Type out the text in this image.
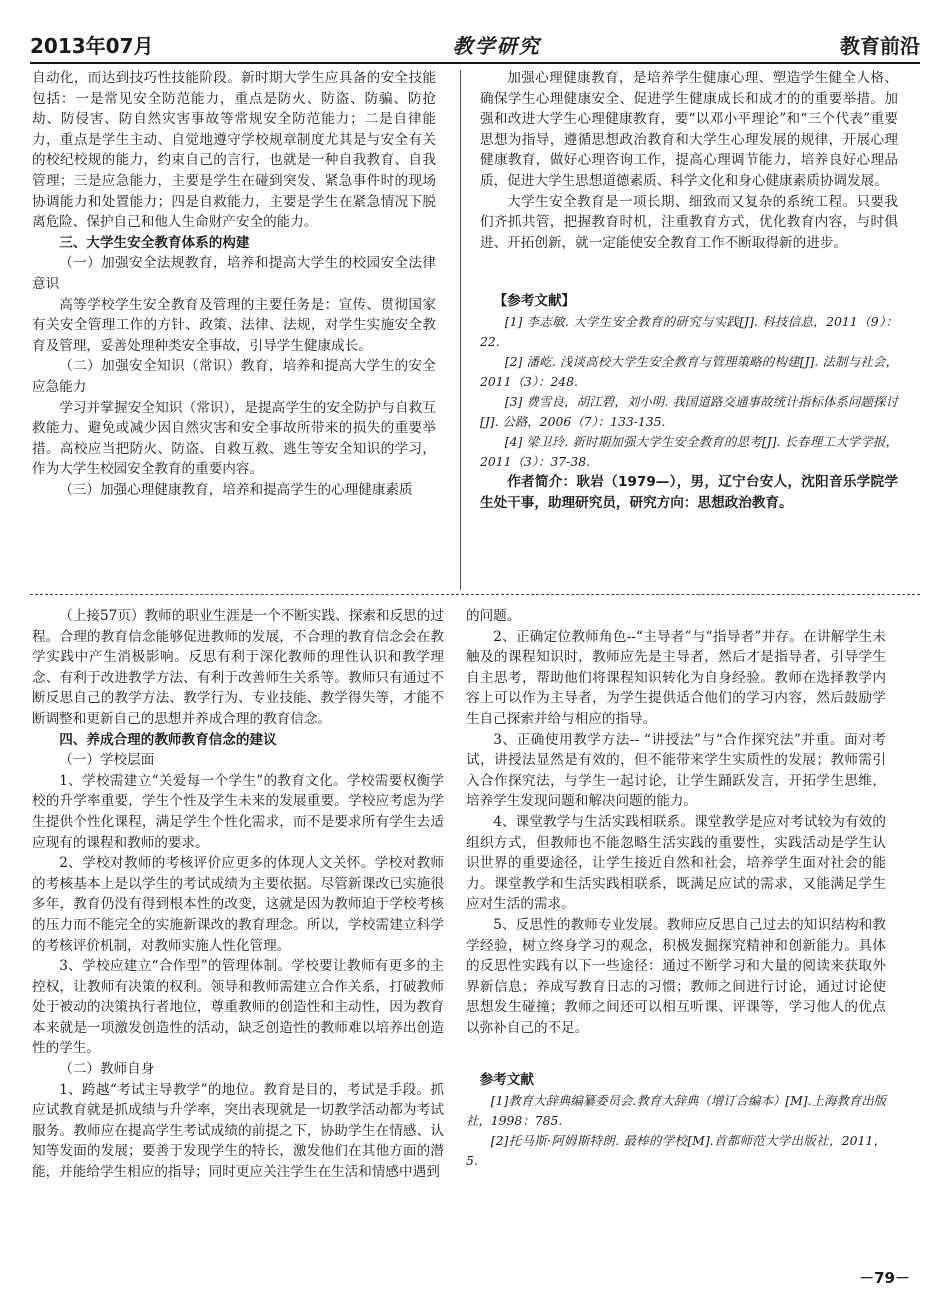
2013年07月	教学研究	教育前沿

自动化，而达到技巧性技能阶段。新时期大学生应具备的安全技能包括：一是常见安全防范能力，重点是防火、防盗、防骗、防抢劫、防侵害、防自然灾害事故等常规安全防范能力；二是自律能力，重点是学生主动、自觉地遵守学校规章制度尤其是与安全有关的校纪校规的能力，约束自己的言行，也就是一种自我教育、自我管理；三是应急能力，主要是学生在碰到突发、紧急事件时的现场协调能力和处置能力；四是自救能力，主要是学生在紧急情况下脱离危险、保护自己和他人生命财产安全的能力。

三、大学生安全教育体系的构建

（一）加强安全法规教育，培养和提高大学生的校园安全法律意识

高等学校学生安全教育及管理的主要任务是：宣传、贯彻国家有关安全管理工作的方针、政策、法律、法规，对学生实施安全教育及管理，妥善处理种类安全事故，引导学生健康成长。

（二）加强安全知识（常识）教育，培养和提高大学生的安全应急能力

学习并掌握安全知识（常识），是提高学生的安全防护与自救互救能力、避免或减少因自然灾害和安全事故所带来的损失的重要举措。高校应当把防火、防盗、自救互救、逃生等安全知识的学习，作为大学生校园安全教育的重要内容。

（三）加强心理健康教育，培养和提高学生的心理健康素质

加强心理健康教育，是培养学生健康心理、塑造学生健全人格、确保学生心理健康安全、促进学生健康成长和成才的的重要举措。加强和改进大学生心理健康教育，要“以邓小平理论”和“三个代表”重要思想为指导，遵循思想政治教育和大学生心理发展的规律，开展心理健康教育，做好心理咨询工作，提高心理调节能力，培养良好心理品质，促进大学生思想道德素质、科学文化和身心健康素质协调发展。

大学生安全教育是一项长期、细致而又复杂的系统工程。只要我们齐抓共管，把握教育时机，注重教育方式，优化教育内容，与时俱进、开拓创新，就一定能使安全教育工作不断取得新的进步。

【参考文献】

[1] 李志敏. 大学生安全教育的研究与实践[J]. 科技信息，2011（9）：22.

[2] 潘屹. 浅谈高校大学生安全教育与管理策略的构建[J]. 法制与社会，2011（3）：248.

[3] 费雪良，胡江碧，刘小明. 我国道路交通事故统计指标体系问题探讨[J]. 公路，2006（7）：133-135.

[4] 梁卫玲. 新时期加强大学生安全教育的思考[J]. 长春理工大学学报，2011（3）：37-38.

作者简介：耿岩（1979—），男，辽宁台安人，沈阳音乐学院学生处干事，助理研究员，研究方向：思想政治教育。

（上接57页）教师的职业生涯是一个不断实践、探索和反思的过程。合理的教育信念能够促进教师的发展，不合理的教育信念会在教学实践中产生消极影响。反思有利于深化教师的理性认识和教学理念、有利于改进教学方法、有利于改善师生关系等。教师只有通过不断反思自己的教学方法、教学行为、专业技能、教学得失等，才能不断调整和更新自己的思想并养成合理的教育信念。

四、养成合理的教师教育信念的建议

（一）学校层面

1、学校需建立“关爱每一个学生”的教育文化。学校需要权衡学校的升学率重要，学生个性及学生未来的发展重要。学校应考虑为学生提供个性化课程，满足学生个性化需求，而不是要求所有学生去适应现有的课程和教师的要求。

2、学校对教师的考核评价应更多的体现人文关怀。学校对教师的考核基本上是以学生的考试成绩为主要依据。尽管新课改已实施很多年，教育仍没有得到根本性的改变，这就是因为教师迫于学校考核的压力而不能完全的实施新课改的教育理念。所以，学校需建立科学的考核评价机制，对教师实施人性化管理。

3、学校应建立“合作型”的管理体制。学校要让教师有更多的主控权，让教师有决策的权利。领导和教师需建立合作关系，打破教师处于被动的决策执行者地位，尊重教师的创造性和主动性，因为教育本来就是一项激发创造性的活动，缺乏创造性的教师难以培养出创造性的学生。

（二）教师自身

1、跨越“考试主导教学”的地位。教育是目的，考试是手段。抓应试教育就是抓成绩与升学率，突出表现就是一切教学活动都为考试服务。教师应在提高学生考试成绩的前提之下，协助学生在情感、认知等发面的发展；要善于发现学生的特长，激发他们在其他方面的潜能，并能给学生相应的指导；同时更应关注学生在生活和情感中遇到

的问题。

2、正确定位教师角色--“主导者”与“指导者”并存。在讲解学生未触及的课程知识时，教师应先是主导者，然后才是指导者，引导学生自主思考，帮助他们将课程知识转化为自身经验。教师在选择教学内容上可以作为主导者，为学生提供适合他们的学习内容，然后鼓励学生自己探索并给与相应的指导。

3、正确使用教学方法-- “讲授法”与“合作探究法”并重。面对考试，讲授法显然是有效的，但不能带来学生实质性的发展；教师需引入合作探究法，与学生一起讨论，让学生踊跃发言，开拓学生思维，培养学生发现问题和解决问题的能力。

4、课堂教学与生活实践相联系。课堂教学是应对考试较为有效的组织方式，但教师也不能忽略生活实践的重要性，实践活动是学生认识世界的重要途径，让学生接近自然和社会，培养学生面对社会的能力。课堂教学和生活实践相联系，既满足应试的需求，又能满足学生应对生活的需求。

5、反思性的教师专业发展。教师应反思自己过去的知识结构和教学经验，树立终身学习的观念，积极发掘探究精神和创新能力。具体的反思性实践有以下一些途径：通过不断学习和大量的阅读来获取外界新信息；养成写教育日志的习惯；教师之间进行讨论，通过讨论使思想发生碰撞；教师之间还可以相互听课、评课等，学习他人的优点以弥补自己的不足。

参考文献

[1]教育大辞典编纂委员会.教育大辞典（增订合编本）[M].上海教育出版社，1998：785.

[2]托马斯·阿姆斯特朗. 最棒的学校[M].首都师范大学出版社，2011，5.

－79－
